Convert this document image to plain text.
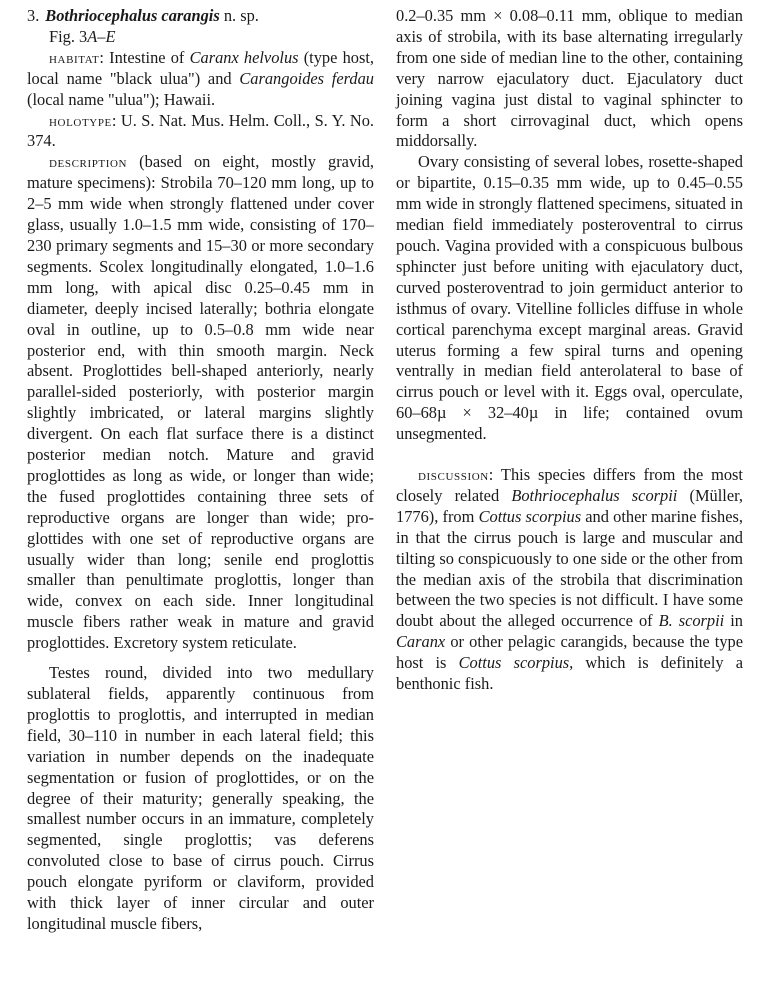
3. Bothriocephalus carangis n. sp.

Fig. 3A–E

habitat: Intestine of Caranx helvolus (type host, local name "black ulua") and Carangoides ferdau (local name "ulua"); Hawaii.

holotype: U. S. Nat. Mus. Helm. Coll., S. Y. No. 374.

description (based on eight, mostly gravid, mature specimens): Strobila 70–120 mm long, up to 2–5 mm wide when strongly flattened under cover glass, usually 1.0–1.5 mm wide, consisting of 170–230 primary segments and 15–30 or more secondary segments. Scolex longitudinally elongated, 1.0–1.6 mm long, with apical disc 0.25–0.45 mm in diameter, deeply incised laterally; bothria elongate oval in outline, up to 0.5–0.8 mm wide near posterior end, with thin smooth margin. Neck absent. Proglottides bell-shaped anteriorly, nearly parallel-sided posteriorly, with posterior margin slightly imbricated, or lateral margins slightly divergent. On each flat surface there is a distinct posterior median notch. Mature and gravid proglottides as long as wide, or longer than wide; the fused proglottides containing three sets of reproductive organs are longer than wide; proglottides with one set of reproductive organs are usually wider than long; senile end proglottis smaller than penultimate proglottis, longer than wide, convex on each side. Inner longitudinal muscle fibers rather weak in mature and gravid proglottides. Excretory system reticulate.

Testes round, divided into two medullary sublateral fields, apparently continuous from proglottis to proglottis, and interrupted in median field, 30–110 in number in each lateral field; this variation in number depends on the inadequate segmentation or fusion of proglottides, or on the degree of their maturity; generally speaking, the smallest number occurs in an immature, completely segmented, single proglottis; vas deferens convoluted close to base of cirrus pouch. Cirrus pouch elongate pyriform or claviform, provided with thick layer of inner circular and outer longitudinal muscle fibers,

0.2–0.35 mm × 0.08–0.11 mm, oblique to median axis of strobila, with its base alternating irregularly from one side of median line to the other, containing very narrow ejaculatory duct. Ejaculatory duct joining vagina just distal to vaginal sphincter to form a short cirrovaginal duct, which opens middorsally.

Ovary consisting of several lobes, rosette-shaped or bipartite, 0.15–0.35 mm wide, up to 0.45–0.55 mm wide in strongly flattened specimens, situated in median field immediately posteroventral to cirrus pouch. Vagina provided with a conspicuous bulbous sphincter just before uniting with ejaculatory duct, curved posteroventrad to join germiduct anterior to isthmus of ovary. Vitelline follicles diffuse in whole cortical parenchyma except marginal areas. Gravid uterus forming a few spiral turns and opening ventrally in median field anterolateral to base of cirrus pouch or level with it. Eggs oval, operculate, 60–68µ × 32–40µ in life; contained ovum unsegmented.

discussion: This species differs from the most closely related Bothriocephalus scorpii (Müller, 1776), from Cottus scorpius and other marine fishes, in that the cirrus pouch is large and muscular and tilting so conspicuously to one side or the other from the median axis of the strobila that discrimination between the two species is not difficult. I have some doubt about the alleged occurrence of B. scorpii in Caranx or other pelagic carangids, because the type host is Cottus scorpius, which is definitely a benthonic fish.
